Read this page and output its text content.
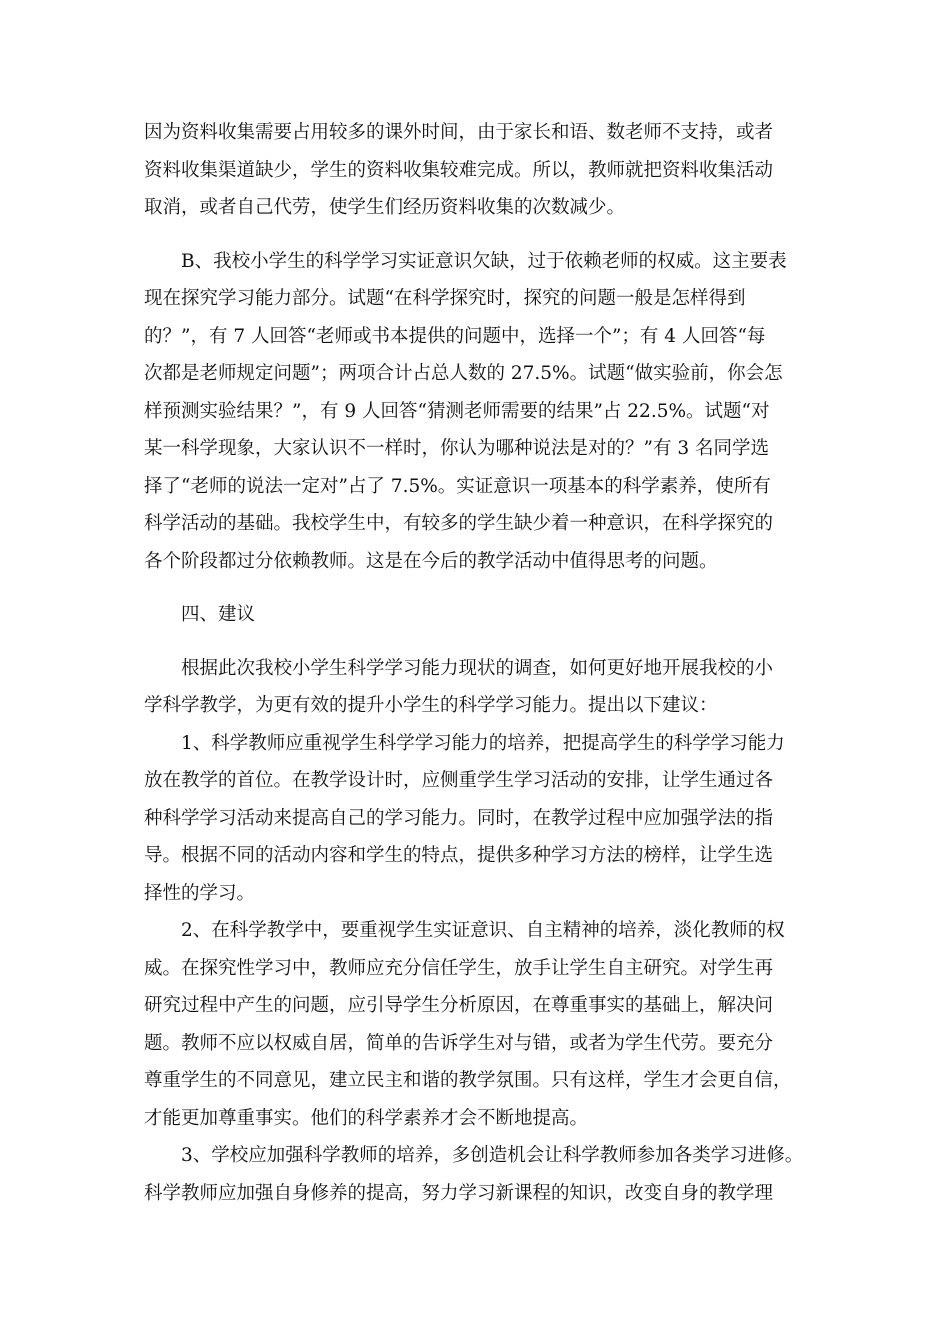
因为资料收集需要占用较多的课外时间，由于家长和语、数老师不支持，或者
资料收集渠道缺少，学生的资料收集较难完成。所以，教师就把资料收集活动
取消，或者自己代劳，使学生们经历资料收集的次数减少。
B、我校小学生的科学学习实证意识欠缺，过于依赖老师的权威。这主要表
现在探究学习能力部分。试题“在科学探究时，探究的问题一般是怎样得到
的？”，有 7 人回答“老师或书本提供的问题中，选择一个”；有 4 人回答“每
次都是老师规定问题”；两项合计占总人数的 27.5%。试题“做实验前，你会怎
样预测实验结果？”，有 9 人回答“猜测老师需要的结果”占 22.5%。试题“对
某一科学现象，大家认识不一样时，你认为哪种说法是对的？”有 3 名同学选
择了“老师的说法一定对”占了 7.5%。实证意识一项基本的科学素养，使所有
科学活动的基础。我校学生中，有较多的学生缺少着一种意识，在科学探究的
各个阶段都过分依赖教师。这是在今后的教学活动中值得思考的问题。
四、建议
根据此次我校小学生科学学习能力现状的调查，如何更好地开展我校的小
学科学教学，为更有效的提升小学生的科学学习能力。提出以下建议：
1、科学教师应重视学生科学学习能力的培养，把提高学生的科学学习能力
放在教学的首位。在教学设计时，应侧重学生学习活动的安排，让学生通过各
种科学学习活动来提高自己的学习能力。同时，在教学过程中应加强学法的指
导。根据不同的活动内容和学生的特点，提供多种学习方法的榜样，让学生选
择性的学习。
2、在科学教学中，要重视学生实证意识、自主精神的培养，淡化教师的权
威。在探究性学习中，教师应充分信任学生，放手让学生自主研究。对学生再
研究过程中产生的问题，应引导学生分析原因，在尊重事实的基础上，解决问
题。教师不应以权威自居，简单的告诉学生对与错，或者为学生代劳。要充分
尊重学生的不同意见，建立民主和谐的教学氛围。只有这样，学生才会更自信，
才能更加尊重事实。他们的科学素养才会不断地提高。
3、学校应加强科学教师的培养，多创造机会让科学教师参加各类学习进修。
科学教师应加强自身修养的提高，努力学习新课程的知识，改变自身的教学理
